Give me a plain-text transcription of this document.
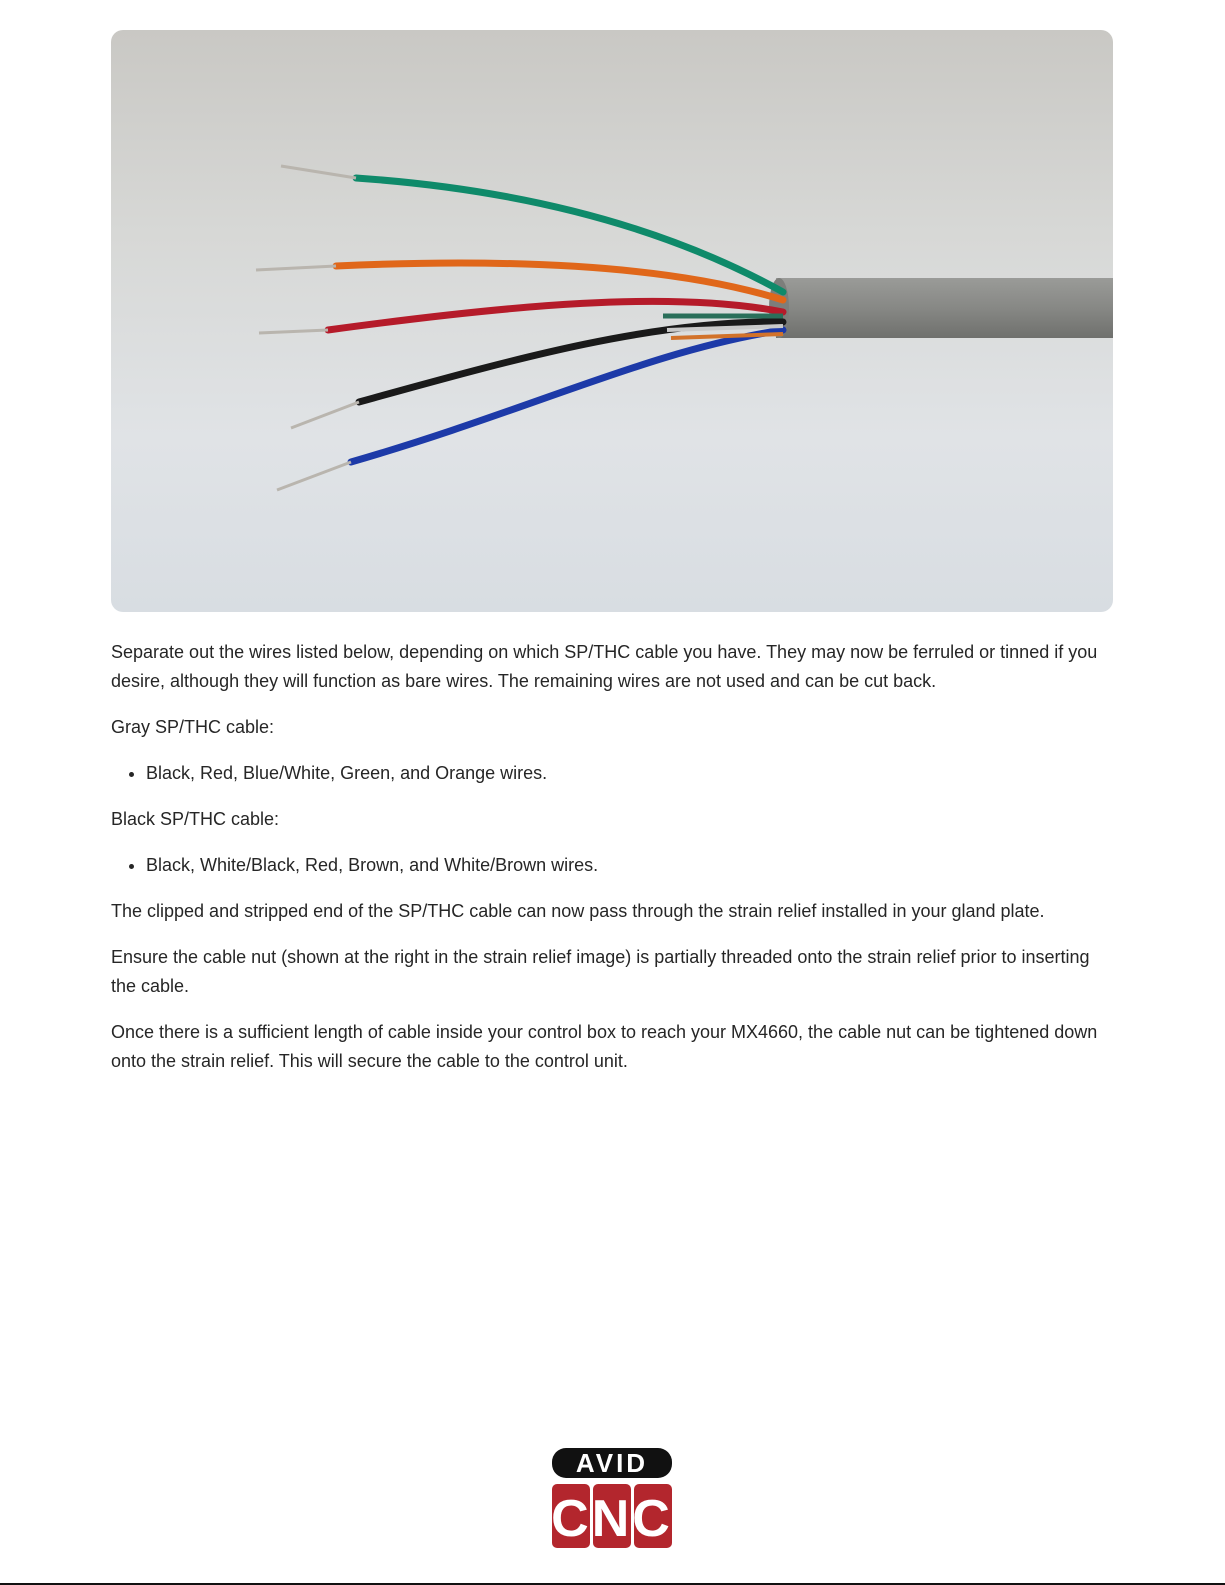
Separate out the wires listed below, depending on which SP/THC cable you have. They may now be ferruled or tinned if you desire, although they will function as bare wires. The remaining wires are not used and can be cut back.

Gray SP/THC cable:

• Black, Red, Blue/White, Green, and Orange wires.

Black SP/THC cable:

• Black, White/Black, Red, Brown, and White/Brown wires.

The clipped and stripped end of the SP/THC cable can now pass through the strain relief installed in your gland plate.

Ensure the cable nut (shown at the right in the strain relief image) is partially threaded onto the strain relief prior to inserting the cable.

Once there is a sufficient length of cable inside your control box to reach your MX4660, the cable nut can be tightened down onto the strain relief. This will secure the cable to the control unit.

AVID
CNC
